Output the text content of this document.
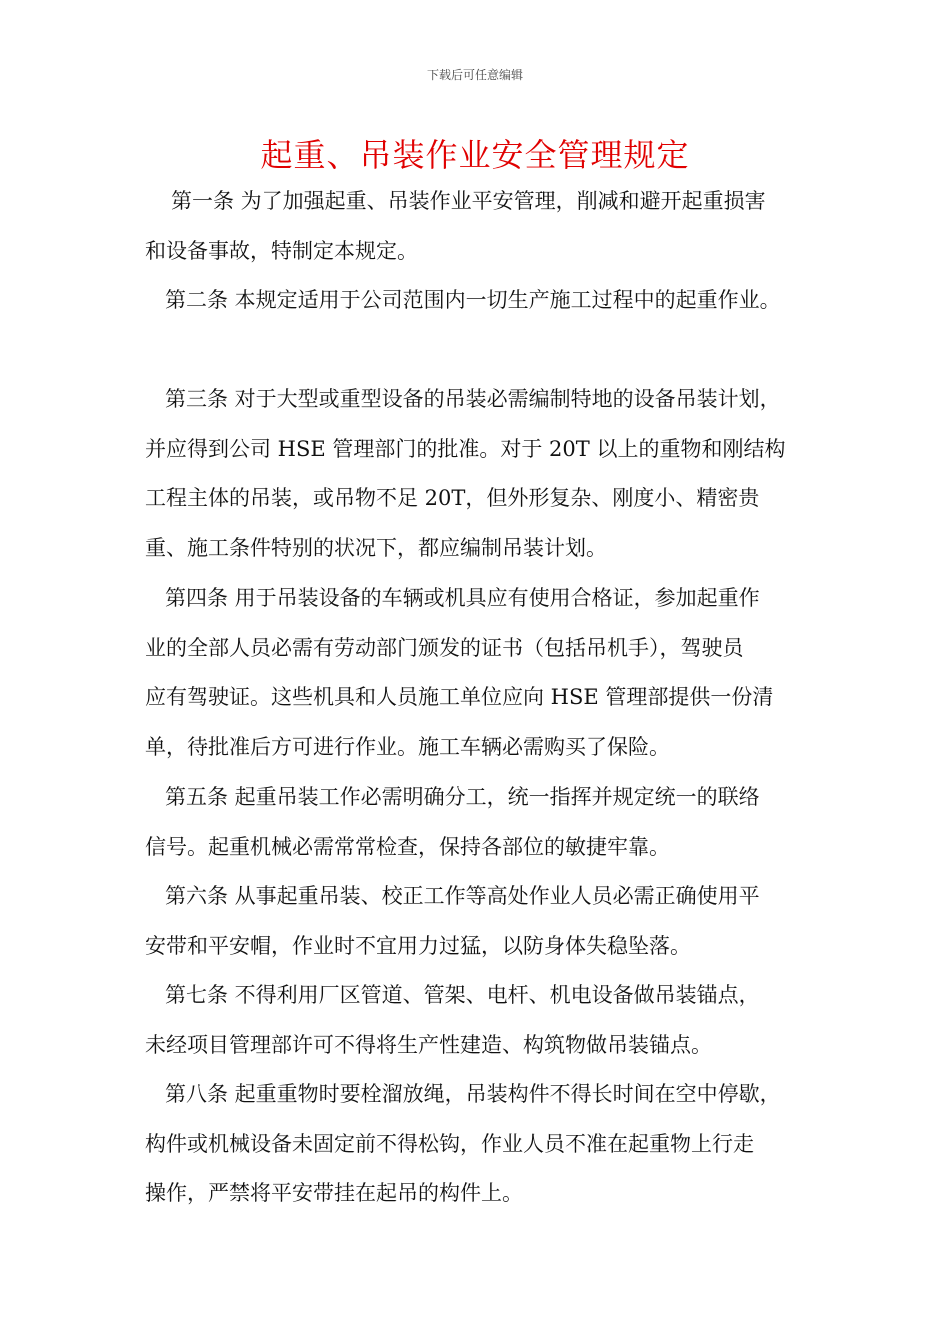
下载后可任意编辑
起重、吊装作业安全管理规定
第一条 为了加强起重、吊装作业平安管理，削减和避开起重损害
和设备事故，特制定本规定。
第二条 本规定适用于公司范围内一切生产施工过程中的起重作业。
第三条 对于大型或重型设备的吊装必需编制特地的设备吊装计划，
并应得到公司 HSE 管理部门的批准。对于 20T 以上的重物和刚结构
工程主体的吊装，或吊物不足 20T，但外形复杂、刚度小、精密贵
重、施工条件特别的状况下，都应编制吊装计划。
第四条 用于吊装设备的车辆或机具应有使用合格证，参加起重作
业的全部人员必需有劳动部门颁发的证书（包括吊机手），驾驶员
应有驾驶证。这些机具和人员施工单位应向 HSE 管理部提供一份清
单，待批准后方可进行作业。施工车辆必需购买了保险。
第五条 起重吊装工作必需明确分工，统一指挥并规定统一的联络
信号。起重机械必需常常检查，保持各部位的敏捷牢靠。
第六条 从事起重吊装、校正工作等高处作业人员必需正确使用平
安带和平安帽，作业时不宜用力过猛，以防身体失稳坠落。
第七条 不得利用厂区管道、管架、电杆、机电设备做吊装锚点，
未经项目管理部许可不得将生产性建造、构筑物做吊装锚点。
第八条 起重重物时要栓溜放绳，吊装构件不得长时间在空中停歇，
构件或机械设备未固定前不得松钩，作业人员不准在起重物上行走
操作，严禁将平安带挂在起吊的构件上。
